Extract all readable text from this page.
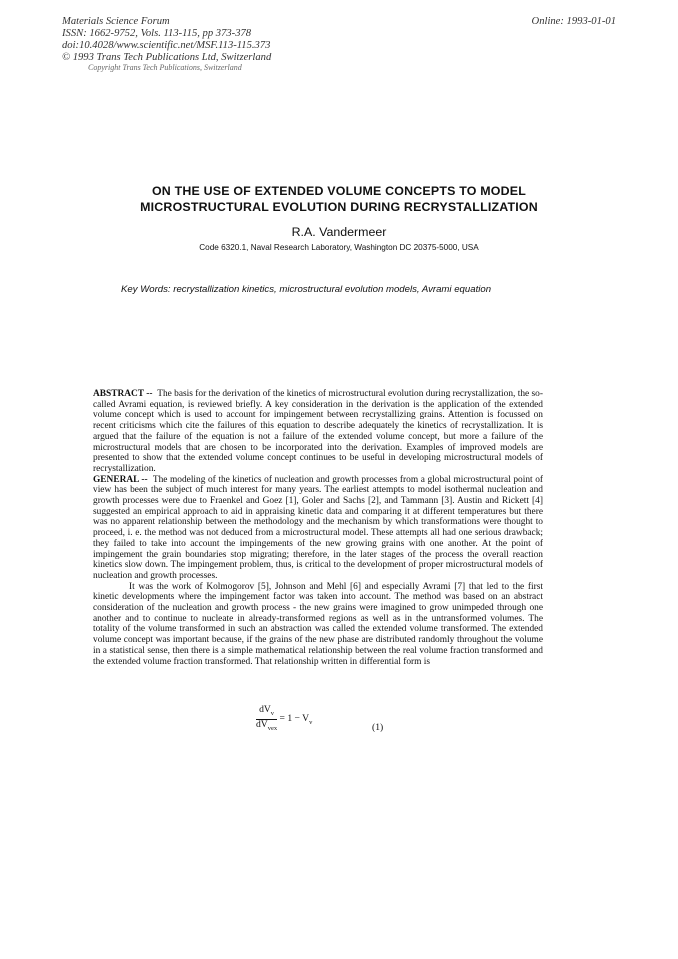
Materials Science Forum
ISSN: 1662-9752, Vols. 113-115, pp 373-378
doi:10.4028/www.scientific.net/MSF.113-115.373
© 1993 Trans Tech Publications Ltd, Switzerland
Copyright Trans Tech Publications, Switzerland
Online: 1993-01-01
ON THE USE OF EXTENDED VOLUME CONCEPTS TO MODEL
MICROSTRUCTURAL EVOLUTION DURING RECRYSTALLIZATION
R.A. Vandermeer
Code 6320.1, Naval Research Laboratory, Washington DC 20375-5000, USA
Key Words: recrystallization kinetics, microstructural evolution models, Avrami equation

ABSTRACT -- The basis for the derivation of the kinetics of microstructural evolution during recrystallization, the so-called Avrami equation, is reviewed briefly. A key consideration in the derivation is the application of the extended volume concept which is used to account for impingement between recrystallizing grains. Attention is focussed on recent criticisms which cite the failures of this equation to describe adequately the kinetics of recrystallization. It is argued that the failure of the equation is not a failure of the extended volume concept, but more a failure of the microstructural models that are chosen to be incorporated into the derivation. Examples of improved models are presented to show that the extended volume concept continues to be useful in developing microstructural models of recrystallization.

GENERAL -- The modeling of the kinetics of nucleation and growth processes from a global microstructural point of view has been the subject of much interest for many years. The earliest attempts to model isothermal nucleation and growth processes were due to Fraenkel and Goez [1], Goler and Sachs [2], and Tammann [3]. Austin and Rickett [4] suggested an empirical approach to aid in appraising kinetic data and comparing it at different temperatures but there was no apparent relationship between the methodology and the mechanism by which transformations were thought to proceed, i. e. the method was not deduced from a microstructural model. These attempts all had one serious drawback; they failed to take into account the impingements of the new growing grains with one another. At the point of impingement the grain boundaries stop migrating; therefore, in the later stages of the process the overall reaction kinetics slow down. The impingement problem, thus, is critical to the development of proper microstructural models of nucleation and growth processes.

It was the work of Kolmogorov [5], Johnson and Mehl [6] and especially Avrami [7] that led to the first kinetic developments where the impingement factor was taken into account. The method was based on an abstract consideration of the nucleation and growth process - the new grains were imagined to grow unimpeded through one another and to continue to nucleate in already-transformed regions as well as in the untransformed volumes. The totality of the volume transformed in such an abstraction was called the extended volume transformed. The extended volume concept was important because, if the grains of the new phase are distributed randomly throughout the volume in a statistical sense, then there is a simple mathematical relationship between the real volume fraction transformed and the extended volume fraction transformed. That relationship written in differential form is

$\frac{dV_v}{dV_{vex}} = 1 - V_v$	(1)
